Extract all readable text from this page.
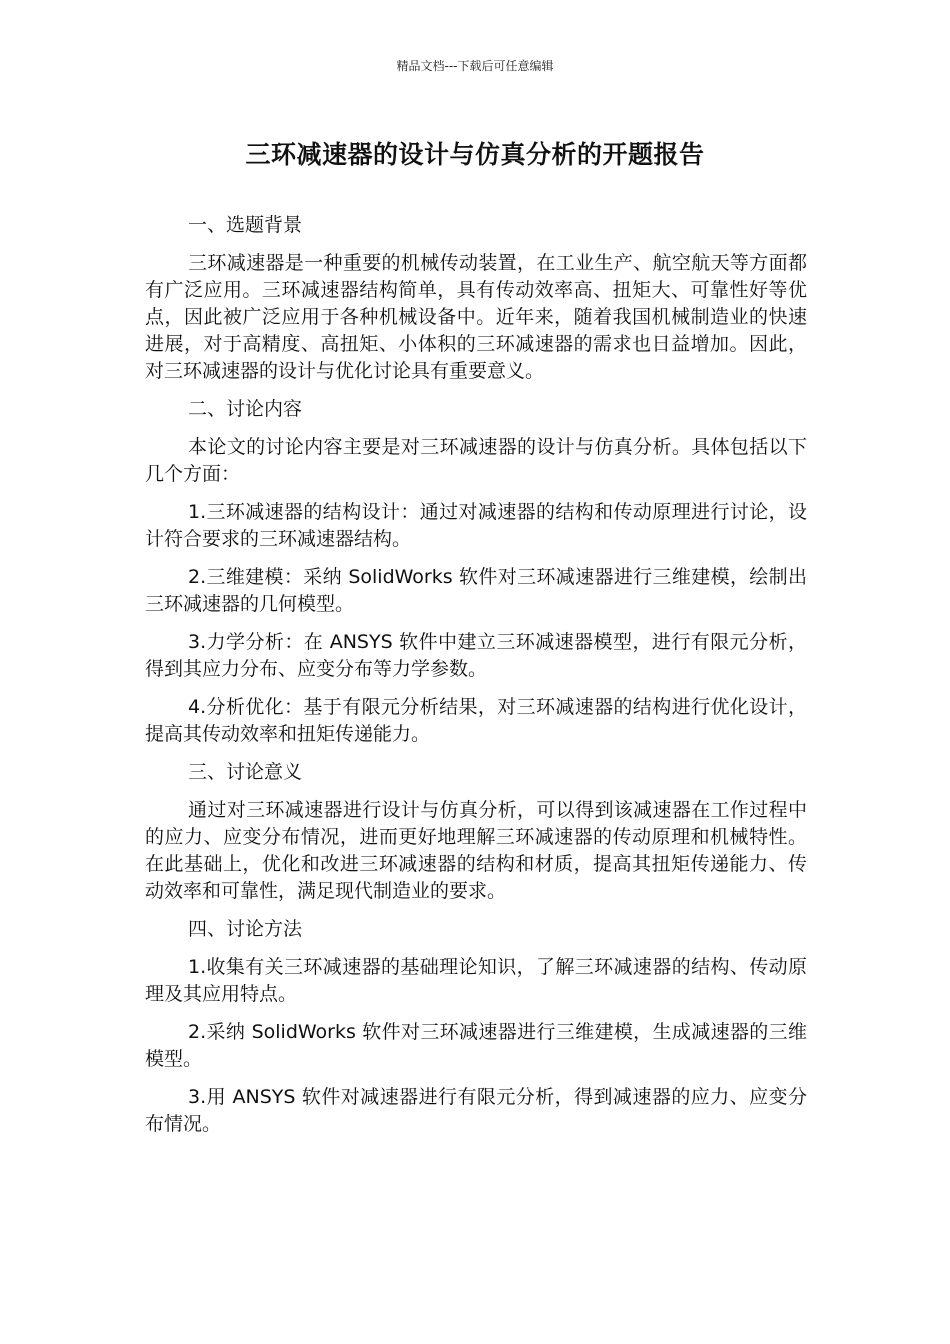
精品文档---下载后可任意编辑
三环减速器的设计与仿真分析的开题报告

一、选题背景

三环减速器是一种重要的机械传动装置，在工业生产、航空航天等方面都有广泛应用。三环减速器结构简单，具有传动效率高、扭矩大、可靠性好等优点，因此被广泛应用于各种机械设备中。近年来，随着我国机械制造业的快速进展，对于高精度、高扭矩、小体积的三环减速器的需求也日益增加。因此，对三环减速器的设计与优化讨论具有重要意义。

二、讨论内容

本论文的讨论内容主要是对三环减速器的设计与仿真分析。具体包括以下几个方面：

1.三环减速器的结构设计：通过对减速器的结构和传动原理进行讨论，设计符合要求的三环减速器结构。

2.三维建模：采纳 SolidWorks 软件对三环减速器进行三维建模，绘制出三环减速器的几何模型。

3.力学分析：在 ANSYS 软件中建立三环减速器模型，进行有限元分析，得到其应力分布、应变分布等力学参数。

4.分析优化：基于有限元分析结果，对三环减速器的结构进行优化设计，提高其传动效率和扭矩传递能力。

三、讨论意义

通过对三环减速器进行设计与仿真分析，可以得到该减速器在工作过程中的应力、应变分布情况，进而更好地理解三环减速器的传动原理和机械特性。在此基础上，优化和改进三环减速器的结构和材质，提高其扭矩传递能力、传动效率和可靠性，满足现代制造业的要求。

四、讨论方法

1.收集有关三环减速器的基础理论知识，了解三环减速器的结构、传动原理及其应用特点。

2.采纳 SolidWorks 软件对三环减速器进行三维建模，生成减速器的三维模型。

3.用 ANSYS 软件对减速器进行有限元分析，得到减速器的应力、应变分布情况。
